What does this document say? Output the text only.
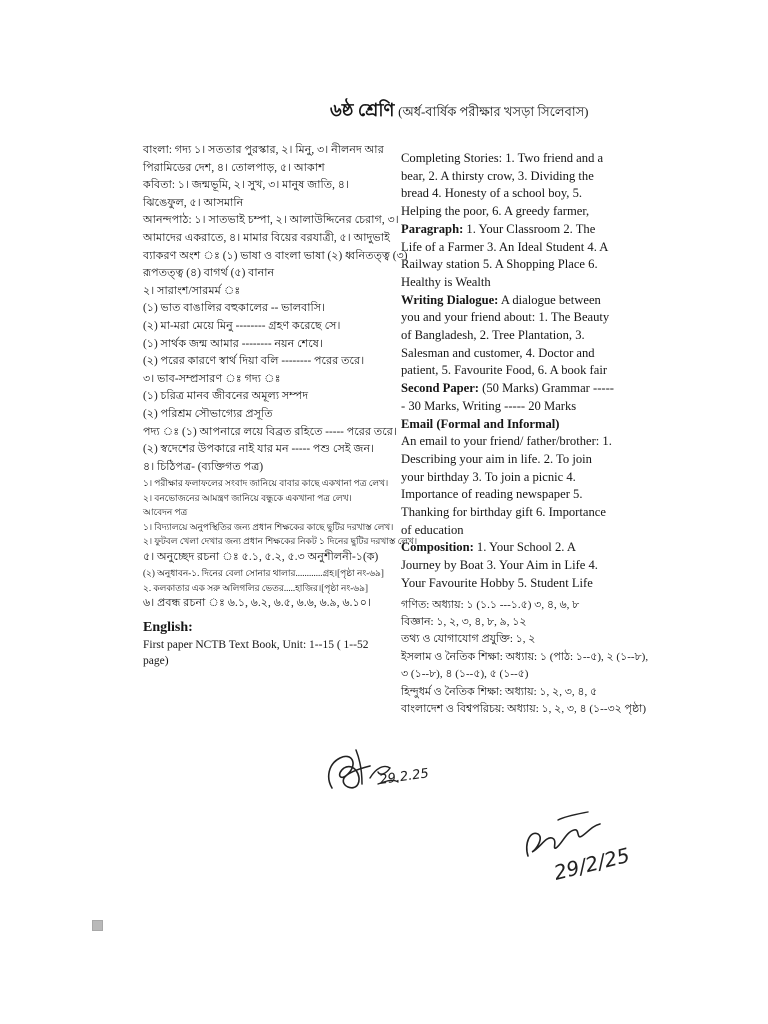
৬ষ্ঠ শ্রেণি (অর্ধ-বার্ষিক পরীক্ষার খসড়া সিলেবাস)
বাংলা: গদ্য ১। সততার পুরস্কার, ২। মিনু, ৩। নীলনদ আর
পিরামিডের দেশ, ৪। তোলপাড়, ৫। আকাশ
কবিতা: ১। জন্মভূমি, ২। সুখ, ৩। মানুষ জাতি, ৪।
ঝিঙেফুল, ৫। আসমানি
আনন্দপাঠ: ১। সাতভাই চম্পা, ২। আলাউদ্দিনের চেরাগ, ৩।
আমাদের একরাতে, ৪। মামার বিয়ের বরযাত্রী, ৫। আদুভাই
ব্যাকরণ অংশ ঃ (১) ভাষা ও বাংলা ভাষা (২) ধ্বনিতত্ত্ব (৩)
রূপতত্ত্ব (৪) বাগর্থ (৫) বানান
২। সারাংশ/সারমর্ম ঃ
(১) ভাত বাঙালির বহুকালের -- ভালবাসি।
(২) মা-মরা মেয়ে মিনু -------- গ্রহণ করেছে সে।
(১) সার্থক জন্ম আমার -------- নয়ন শেষে।
(২) পরের কারণে স্বার্থ দিয়া বলি -------- পরের তরে।
৩। ভাব-সম্প্রসারণ ঃ গদ্য ঃ
(১) চরিত্র মানব জীবনের অমূল্য সম্পদ
(২) পরিশ্রম সৌভাগ্যের প্রসূতি
পদ্য ঃ (১) আপনারে লয়ে বিব্রত রহিতে ----- পরের তরে।
(২) স্বদেশের উপকারে নাই যার মন ----- পশু সেই জন।
৪। চিঠিপত্র- (ব্যক্তিগত পত্র)
১। পরীক্ষার ফলাফলের সংবাদ জানিয়ে বাবার কাছে একখানা পত্র লেখ।
২। বনভোজনের আমন্ত্রণ জানিয়ে বন্ধুকে একখানা পত্র লেখ।
আবেদন পত্র
১। বিদ্যালয়ে অনুপস্থিতির জন্য প্রধান শিক্ষকের কাছে ছুটির দরখাস্ত লেখ।
২। ফুটবল খেলা দেখার জন্য প্রধান শিক্ষকের নিকট ১ দিনের ছুটির দরখাস্ত লেখ।
৫। অনুচ্ছেদ রচনা ঃ ৫.১, ৫.২, ৫.৩ অনুশীলনী-১(ক)
(২) অনুধাবন-১. দিনের বেলা সোনার থালার............গ্রহ।[পৃষ্ঠা নং-৬৯]
২. কলকাতার এক সরু অলিগলির ভেতর.....হাজির।[পৃষ্ঠা নং-৬৯]
৬। প্রবন্ধ রচনা ঃ ৬.১, ৬.২, ৬.৫, ৬.৬, ৬.৯, ৬.১০।
English:
First paper NCTB Text Book, Unit: 1--15 ( 1--52 page)

Completing Stories: 1. Two friend and a bear, 2. A thirsty crow, 3. Dividing the bread 4. Honesty of a school boy, 5. Helping the poor, 6. A greedy farmer,

Paragraph: 1. Your Classroom 2. The Life of a Farmer 3. An Ideal Student 4. A Railway station 5. A Shopping Place 6. Healthy is Wealth

Writing Dialogue: A dialogue between you and your friend about: 1. The Beauty of Bangladesh, 2. Tree Plantation, 3. Salesman and customer, 4. Doctor and patient, 5. Favourite Food, 6. A book fair

Second Paper: (50 Marks) Grammar ------ 30 Marks, Writing ----- 20 Marks

Email (Formal and Informal)

An email to your friend/ father/brother: 1. Describing your aim in life. 2. To join your birthday 3. To join a picnic 4. Importance of reading newspaper 5. Thanking for birthday gift 6. Importance of education

Composition: 1. Your School 2. A Journey by Boat 3. Your Aim in Life 4. Your Favourite Hobby 5. Student Life

গণিত: অধ্যায়: ১ (১.১ ---১.৫) ৩, ৪, ৬, ৮
বিজ্ঞান: ১, ২, ৩, ৪, ৮, ৯, ১২
তথ্য ও যোগাযোগ প্রযুক্তি: ১, ২
ইসলাম ও নৈতিক শিক্ষা: অধ্যায়: ১ (পাঠ: ১--৫), ২ (১--৮),
৩ (১--৮), ৪ (১--৫), ৫ (১--৫)
হিন্দুধর্ম ও নৈতিক শিক্ষা: অধ্যায়: ১, ২, ৩, ৪, ৫
বাংলাদেশ ও বিশ্বপরিচয়: অধ্যায়: ১, ২, ৩, ৪ (১--৩২ পৃষ্ঠা)
29.2.25
29/2/25
